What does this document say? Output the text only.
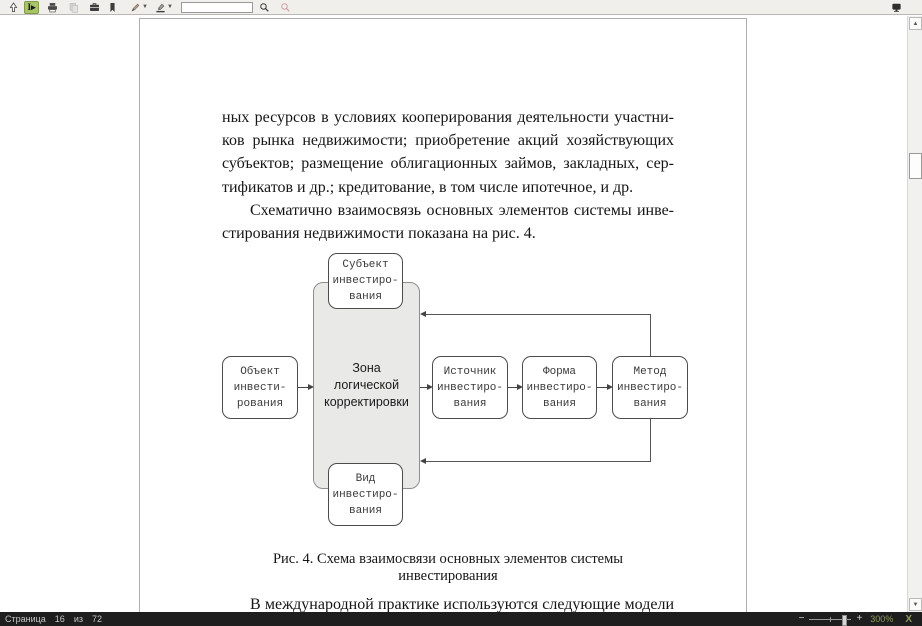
I▸	▼	▼
ных ресурсов в условиях кооперирования деятельности участни-
ков рынка недвижимости; приобретение акций хозяйствующих
субъектов; размещение облигационных займов, закладных, сер-
тификатов и др.; кредитование, в том числе ипотечное, и др.
Схематично взаимосвязь основных элементов системы инве-
стирования недвижимости показана на рис. 4.
Зона
логической
корректировки
Субъект
инвестиро-
вания
Вид
инвестиро-
вания
Объект
инвести-
рования
Источник
инвестиро-
вания
Форма
инвестиро-
вания
Метод
инвестиро-
вания
Рис. 4. Схема взаимосвязи основных элементов системы инвестирования
В международной практике используются следующие модели
▲
▼
Страница 16 из 72	−	+ 300% X
